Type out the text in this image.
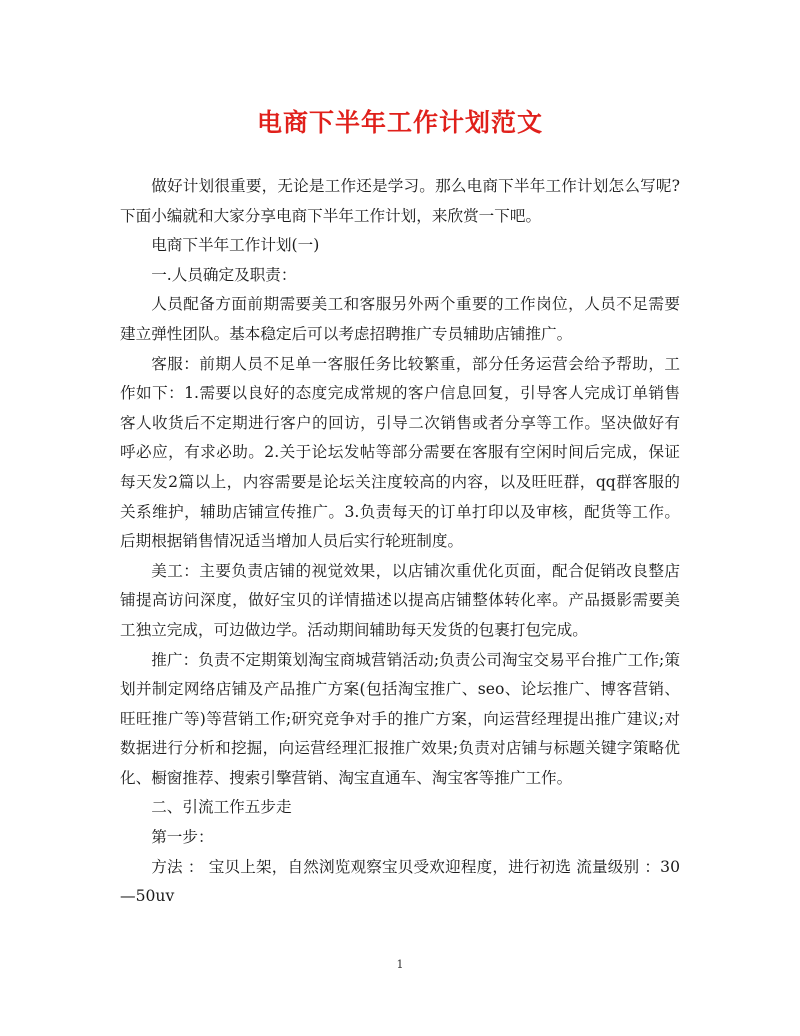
电商下半年工作计划范文

做好计划很重要，无论是工作还是学习。那么电商下半年工作计划怎么写呢?下面小编就和大家分享电商下半年工作计划，来欣赏一下吧。

电商下半年工作计划(一)

一.人员确定及职责：

人员配备方面前期需要美工和客服另外两个重要的工作岗位，人员不足需要建立弹性团队。基本稳定后可以考虑招聘推广专员辅助店铺推广。

客服：前期人员不足单一客服任务比较繁重，部分任务运营会给予帮助，工作如下：1.需要以良好的态度完成常规的客户信息回复，引导客人完成订单销售客人收货后不定期进行客户的回访，引导二次销售或者分享等工作。坚决做好有呼必应，有求必助。2.关于论坛发帖等部分需要在客服有空闲时间后完成，保证每天发2篇以上，内容需要是论坛关注度较高的内容，以及旺旺群，qq群客服的关系维护，辅助店铺宣传推广。3.负责每天的订单打印以及审核，配货等工作。后期根据销售情况适当增加人员后实行轮班制度。

美工：主要负责店铺的视觉效果，以店铺次重优化页面，配合促销改良整店铺提高访问深度，做好宝贝的详情描述以提高店铺整体转化率。产品摄影需要美工独立完成，可边做边学。活动期间辅助每天发货的包裹打包完成。

推广：负责不定期策划淘宝商城营销活动;负责公司淘宝交易平台推广工作;策划并制定网络店铺及产品推广方案(包括淘宝推广、seo、论坛推广、博客营销、旺旺推广等)等营销工作;研究竞争对手的推广方案，向运营经理提出推广建议;对数据进行分析和挖掘，向运营经理汇报推广效果;负责对店铺与标题关键字策略优化、橱窗推荐、搜索引擎营销、淘宝直通车、淘宝客等推广工作。

二、引流工作五步走

第一步：

方法 ： 宝贝上架，自然浏览观察宝贝受欢迎程度，进行初选 流量级别 ：30—50uv

1
